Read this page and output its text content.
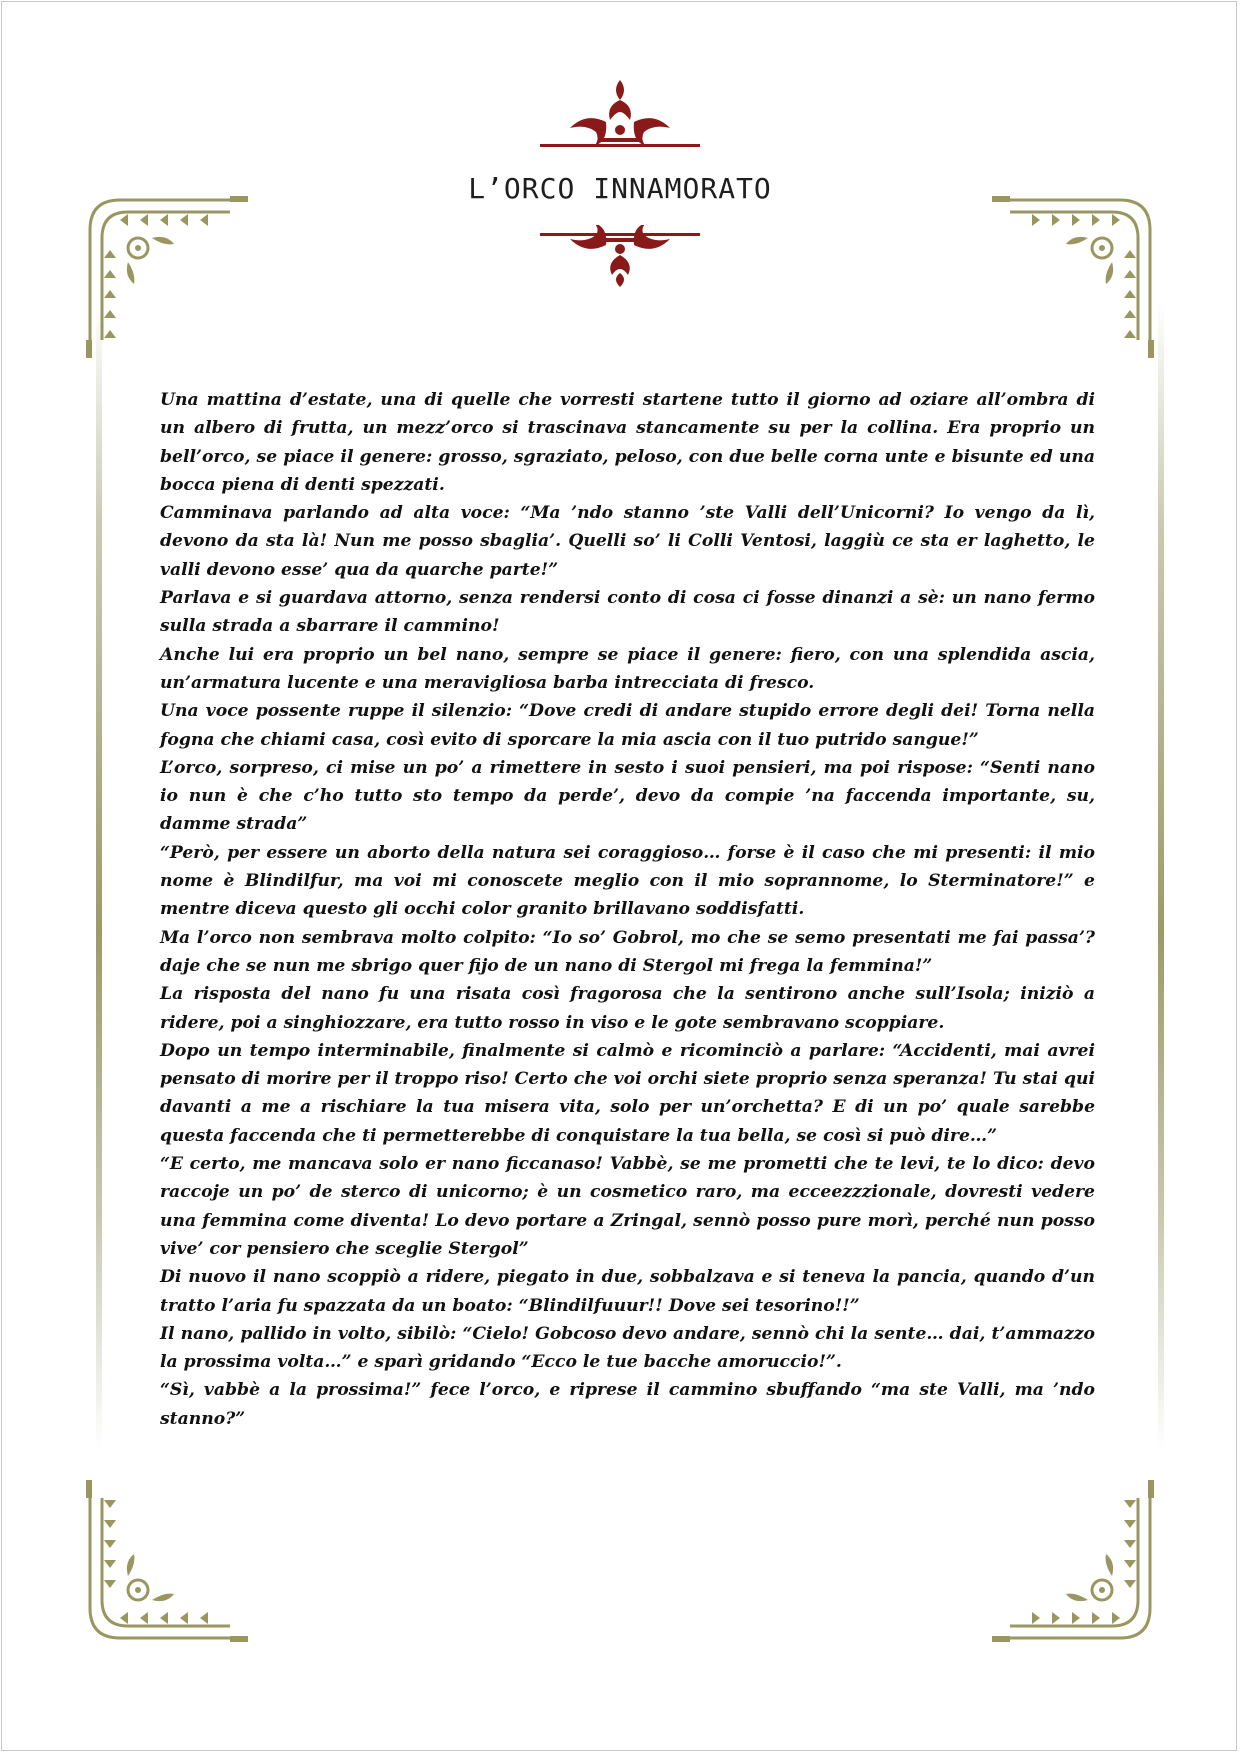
L’ORCO INNAMORATO

Una mattina d’estate, una di quelle che vorresti startene tutto il giorno ad oziare all’ombra di un albero di frutta, un mezz’orco si trascinava stancamente su per la collina. Era proprio un bell’orco, se piace il genere: grosso, sgraziato, peloso, con due belle corna unte e bisunte ed una bocca piena di denti spezzati.

Camminava parlando ad alta voce: “Ma ’ndo stanno ’ste Valli dell’Unicorni? Io vengo da lì, devono da sta là! Nun me posso sbaglia’. Quelli so’ li Colli Ventosi, laggiù ce sta er laghetto, le valli devono esse’ qua da quarche parte!”

Parlava e si guardava attorno, senza rendersi conto di cosa ci fosse dinanzi a sè: un nano fermo sulla strada a sbarrare il cammino!

Anche lui era proprio un bel nano, sempre se piace il genere: fiero, con una splendida ascia, un’armatura lucente e una meravigliosa barba intrecciata di fresco.

Una voce possente ruppe il silenzio: “Dove credi di andare stupido errore degli dei! Torna nella fogna che chiami casa, così evito di sporcare la mia ascia con il tuo putrido sangue!”

L’orco, sorpreso, ci mise un po’ a rimettere in sesto i suoi pensieri, ma poi rispose: “Senti nano io nun è che c’ho tutto sto tempo da perde’, devo da compie ’na faccenda importante, su, damme strada”

“Però, per essere un aborto della natura sei coraggioso… forse è il caso che mi presenti: il mio nome è Blindilfur, ma voi mi conoscete meglio con il mio soprannome, lo Sterminatore!” e mentre diceva questo gli occhi color granito brillavano soddisfatti.

Ma l’orco non sembrava molto colpito: “Io so’ Gobrol, mo che se semo presentati me fai passa’? daje che se nun me sbrigo quer fijo de un nano di Stergol mi frega la femmina!”

La risposta del nano fu una risata così fragorosa che la sentirono anche sull’Isola; iniziò a ridere, poi a singhiozzare, era tutto rosso in viso e le gote sembravano scoppiare.

Dopo un tempo interminabile, finalmente si calmò e ricominciò a parlare: “Accidenti, mai avrei pensato di morire per il troppo riso! Certo che voi orchi siete proprio senza speranza! Tu stai qui davanti a me a rischiare la tua misera vita, solo per un’orchetta? E di un po’ quale sarebbe questa faccenda che ti permetterebbe di conquistare la tua bella, se così si può dire…”

“E certo, me mancava solo er nano ficcanaso! Vabbè, se me prometti che te levi, te lo dico: devo raccoje un po’ de sterco di unicorno; è un cosmetico raro, ma ecceezzzionale, dovresti vedere una femmina come diventa! Lo devo portare a Zringal, sennò posso pure morì, perché nun posso vive’ cor pensiero che sceglie Stergol”

Di nuovo il nano scoppiò a ridere, piegato in due, sobbalzava e si teneva la pancia, quando d’un tratto l’aria fu spazzata da un boato: “Blindilfuuur!! Dove sei tesorino!!”

Il nano, pallido in volto, sibilò: “Cielo! Gobcoso devo andare, sennò chi la sente… dai, t’ammazzo la prossima volta…” e sparì gridando “Ecco le tue bacche amoruccio!”.

“Sì, vabbè a la prossima!” fece l’orco, e riprese il cammino sbuffando “ma ste Valli, ma ’ndo stanno?”
